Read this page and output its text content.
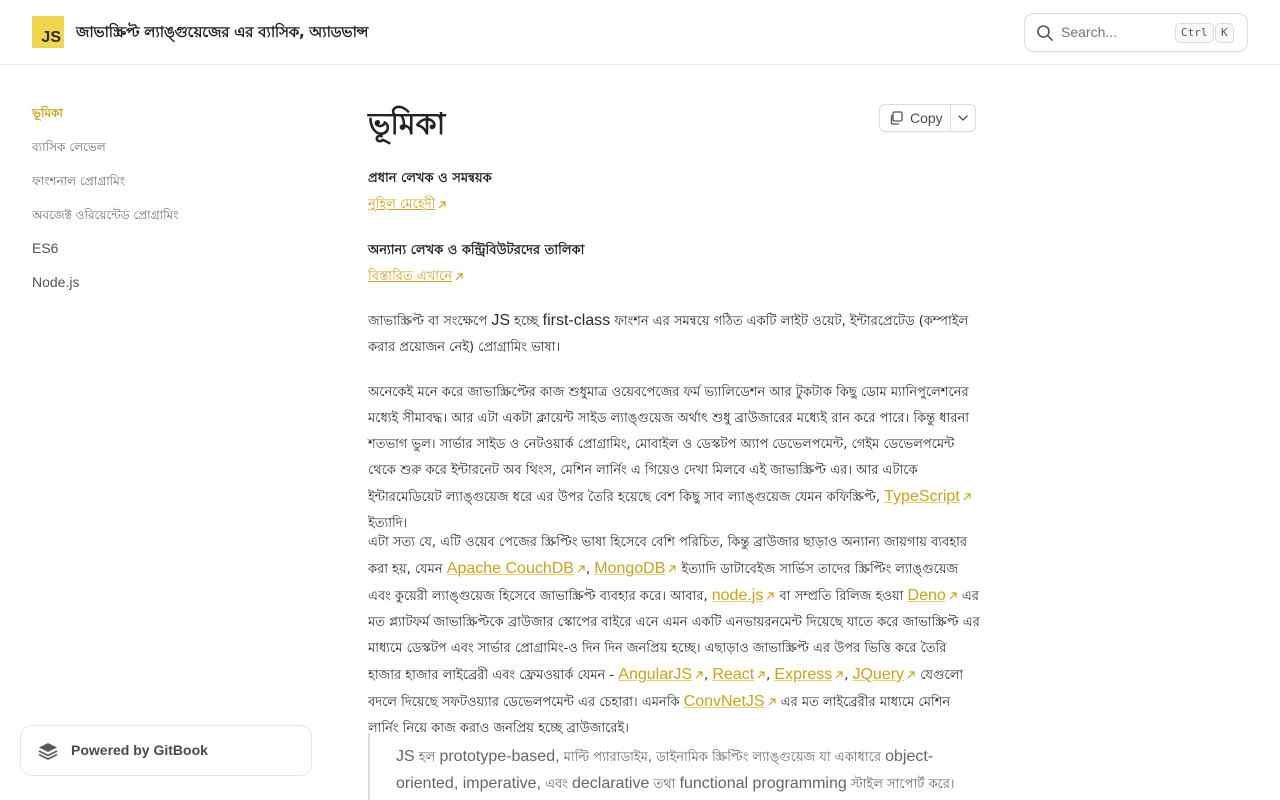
JS জাভাস্ক্রিপ্ট ল্যাঙ্গুয়েজের এর ব্যাসিক, অ্যাডভান্স	Search...	Ctrl	K
ভূমিকা
ব্যাসিক লেভেল
ফাংশনাল প্রোগ্রামিং
অবজেক্ট ওরিয়েন্টেড প্রোগ্রামিং
ES6
Node.js
Powered by GitBook
ভূমিকা	Copy
প্রধান লেখক ও সমন্বয়ক
নুহিল মেহেদী
অন্যান্য লেখক ও কন্ট্রিবিউটরদের তালিকা
বিস্তারিত এখানে

জাভাস্ক্রিপ্ট বা সংক্ষেপে JS হচ্ছে first-class ফাংশন এর সমন্বয়ে গঠিত একটি লাইট ওয়েট, ইন্টারপ্রেটেড (কম্পাইল করার প্রয়োজন নেই) প্রোগ্রামিং ভাষা।

অনেকেই মনে করে জাভাস্ক্রিপ্টের কাজ শুধুমাত্র ওয়েবপেজের ফর্ম ভ্যালিডেশন আর টুকটাক কিছু ডোম ম্যানিপুলেশনের মধ্যেই সীমাবদ্ধ। আর এটা একটা ক্লায়েন্ট সাইড ল্যাঙ্গুয়েজ অর্থাৎ শুধু ব্রাউজারের মধ্যেই রান করে পারে। কিন্তু ধারনা শতভাগ ভুল। সার্ভার সাইড ও নেটওয়ার্ক প্রোগ্রামিং, মোবাইল ও ডেস্কটপ অ্যাপ ডেভেলপমেন্ট, গেইম ডেভেলপমেন্ট থেকে শুরু করে ইন্টারনেট অব থিংস, মেশিন লার্নিং এ গিয়েও দেখা মিলবে এই জাভাস্ক্রিপ্ট এর। আর এটাকে ইন্টারমেডিয়েট ল্যাঙ্গুয়েজ ধরে এর উপর তৈরি হয়েছে বেশ কিছু সাব ল্যাঙ্গুয়েজ যেমন কফিস্ক্রিপ্ট, TypeScript ইত্যাদি।

এটা সত্য যে, এটি ওয়েব পেজের স্ক্রিপ্টিং ভাষা হিসেবে বেশি পরিচিত, কিন্তু ব্রাউজার ছাড়াও অন্যান্য জায়গায় ব্যবহার করা হয়, যেমন Apache CouchDB , MongoDB ইত্যাদি ডাটাবেইজ সার্ভিস তাদের স্ক্রিপ্টিং ল্যাঙ্গুয়েজ এবং কুয়েরী ল্যাঙ্গুয়েজ হিসেবে জাভাস্ক্রিপ্ট ব্যবহার করে। আবার, node.js বা সম্প্রতি রিলিজ হওয়া Deno এর মত প্ল্যাটফর্ম জাভাস্ক্রিপ্টকে ব্রাউজার স্কোপের বাইরে এনে এমন একটি এনভায়রনমেন্ট দিয়েছে যাতে করে জাভাস্ক্রিপ্ট এর মাধ্যমে ডেস্কটপ এবং সার্ভার প্রোগ্রামিং-ও দিন দিন জনপ্রিয় হচ্ছে। এছাড়াও জাভাস্ক্রিপ্ট এর উপর ভিত্তি করে তৈরি হাজার হাজার লাইব্রেরী এবং ফ্রেমওয়ার্ক যেমন - AngularJS , React , Express , JQuery যেগুলো বদলে দিয়েছে সফটওয়্যার ডেভেলপমেন্ট এর চেহারা। এমনকি ConvNetJS এর মত লাইব্রেরীর মাধ্যমে মেশিন লার্নিং নিয়ে কাজ করাও জনপ্রিয় হচ্ছে ব্রাউজারেই।

JS হল prototype-based, মাল্টি প্যারাডাইম, ডাইনামিক স্ক্রিপ্টিং ল্যাঙ্গুয়েজ যা একাধারে object-oriented, imperative, এবং declarative তথা functional programming স্টাইল সাপোর্ট করে।
